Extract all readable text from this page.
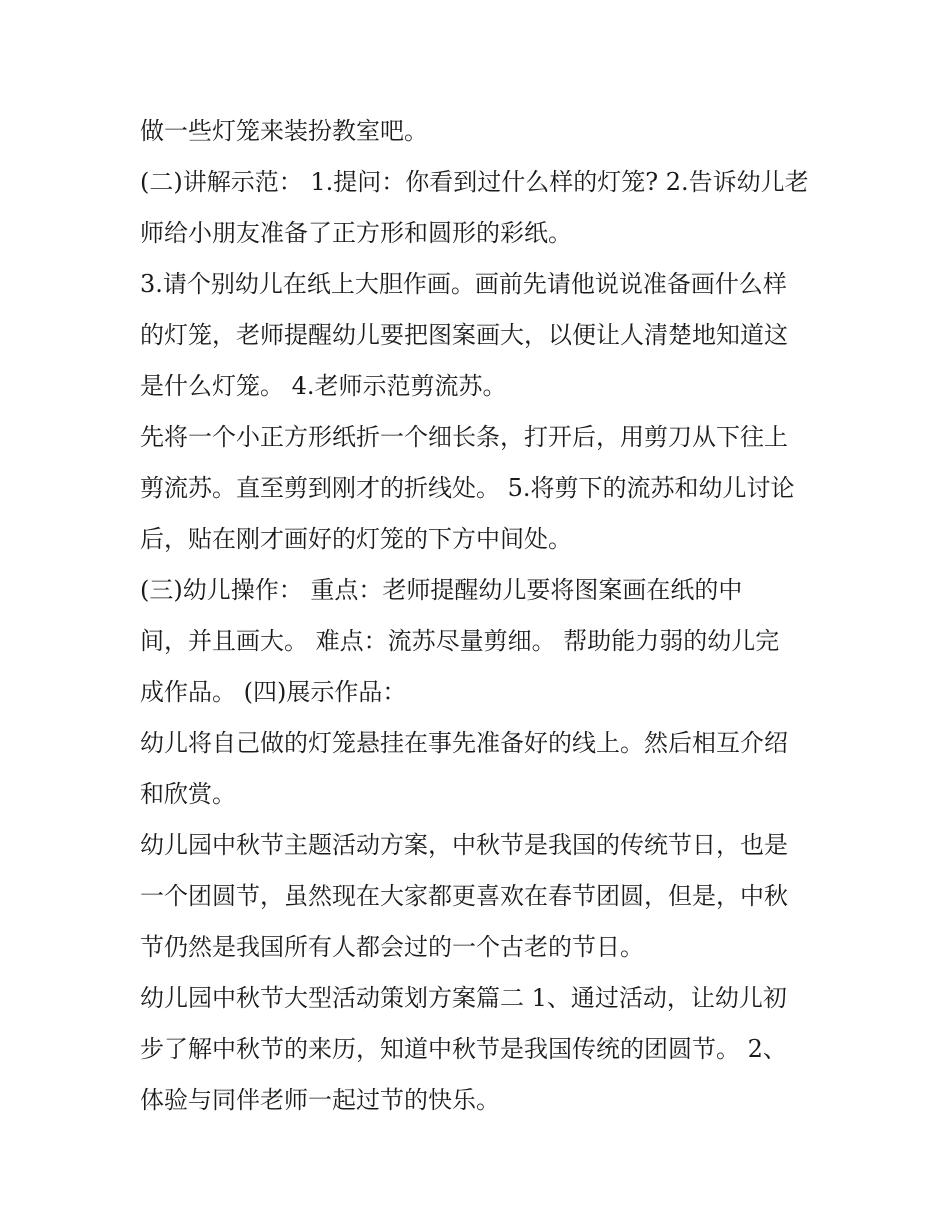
做一些灯笼来装扮教室吧。
(二)讲解示范： 1.提问：你看到过什么样的灯笼? 2.告诉幼儿老
师给小朋友准备了正方形和圆形的彩纸。
3.请个别幼儿在纸上大胆作画。画前先请他说说准备画什么样
的灯笼，老师提醒幼儿要把图案画大，以便让人清楚地知道这
是什么灯笼。 4.老师示范剪流苏。
先将一个小正方形纸折一个细长条，打开后，用剪刀从下往上
剪流苏。直至剪到刚才的折线处。 5.将剪下的流苏和幼儿讨论
后，贴在刚才画好的灯笼的下方中间处。
(三)幼儿操作： 重点：老师提醒幼儿要将图案画在纸的中
间，并且画大。 难点：流苏尽量剪细。 帮助能力弱的幼儿完
成作品。 (四)展示作品：
幼儿将自己做的灯笼悬挂在事先准备好的线上。然后相互介绍
和欣赏。
幼儿园中秋节主题活动方案，中秋节是我国的传统节日，也是
一个团圆节，虽然现在大家都更喜欢在春节团圆，但是，中秋
节仍然是我国所有人都会过的一个古老的节日。
幼儿园中秋节大型活动策划方案篇二 1、通过活动，让幼儿初
步了解中秋节的来历，知道中秋节是我国传统的团圆节。 2、
体验与同伴老师一起过节的快乐。
